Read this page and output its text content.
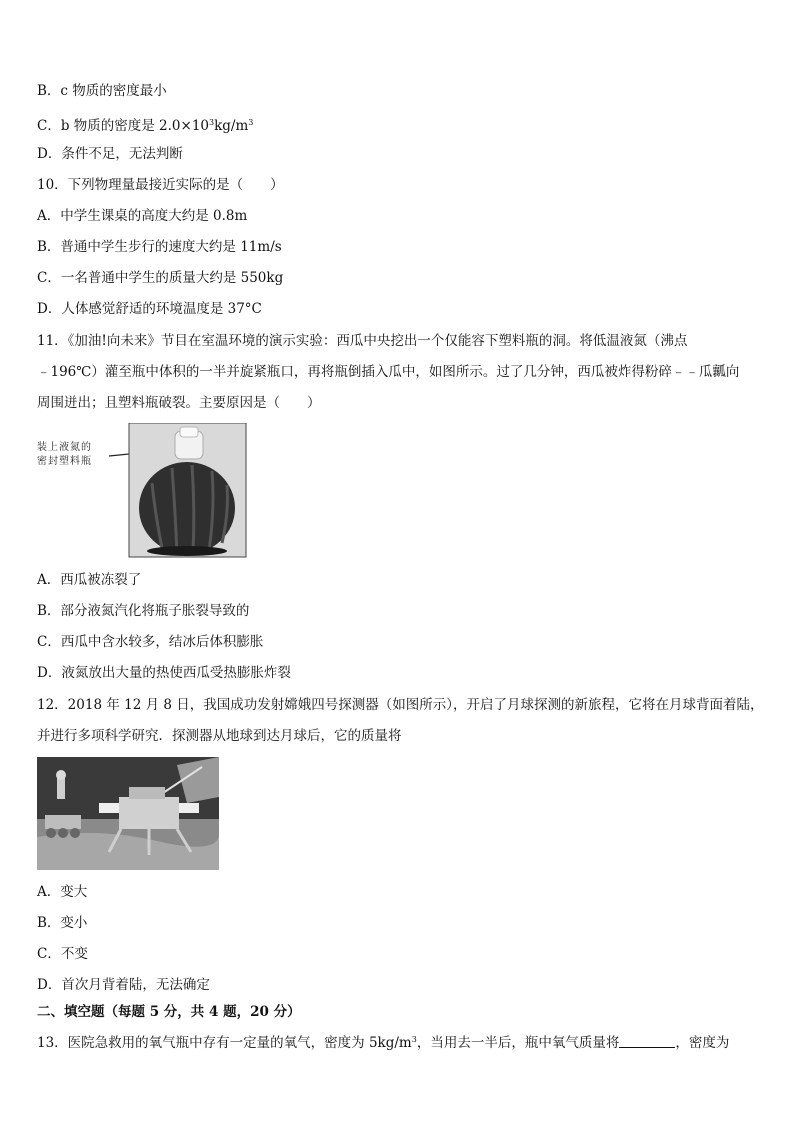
B．c 物质的密度最小
C．b 物质的密度是 $2.0\times 10^3kg/m^3$
D．条件不足，无法判断
10．下列物理量最接近实际的是（　　）
A．中学生课桌的高度大约是 0.8m
B．普通中学生步行的速度大约是 11m/s
C．一名普通中学生的质量大约是 550kg
D．人体感觉舒适的环境温度是 37°C
11．《加油!向未来》节目在室温环境的演示实验：西瓜中央挖出一个仅能容下塑料瓶的洞。将低温液氮（沸点
﹣196℃）灌至瓶中体积的一半并旋紧瓶口，再将瓶倒插入瓜中，如图所示。过了几分钟，西瓜被炸得粉碎﹣﹣瓜瓤向
周围迸出；且塑料瓶破裂。主要原因是（　　）
装上液氮的
密封塑料瓶
A．西瓜被冻裂了
B．部分液氮汽化将瓶子胀裂导致的
C．西瓜中含水较多，结冰后体积膨胀
D．液氮放出大量的热使西瓜受热膨胀炸裂
12．2018 年 12 月 8 日，我国成功发射嫦娥四号探测器（如图所示），开启了月球探测的新旅程，它将在月球背面着陆，
并进行多项科学研究．探测器从地球到达月球后，它的质量将
A．变大
B．变小
C．不变
D．首次月背着陆，无法确定
二、填空题（每题 5 分，共 4 题，20 分）
13．医院急救用的氧气瓶中存有一定量的氧气，密度为 $5kg/m^3$，当用去一半后，瓶中氧气质量将	，密度为
